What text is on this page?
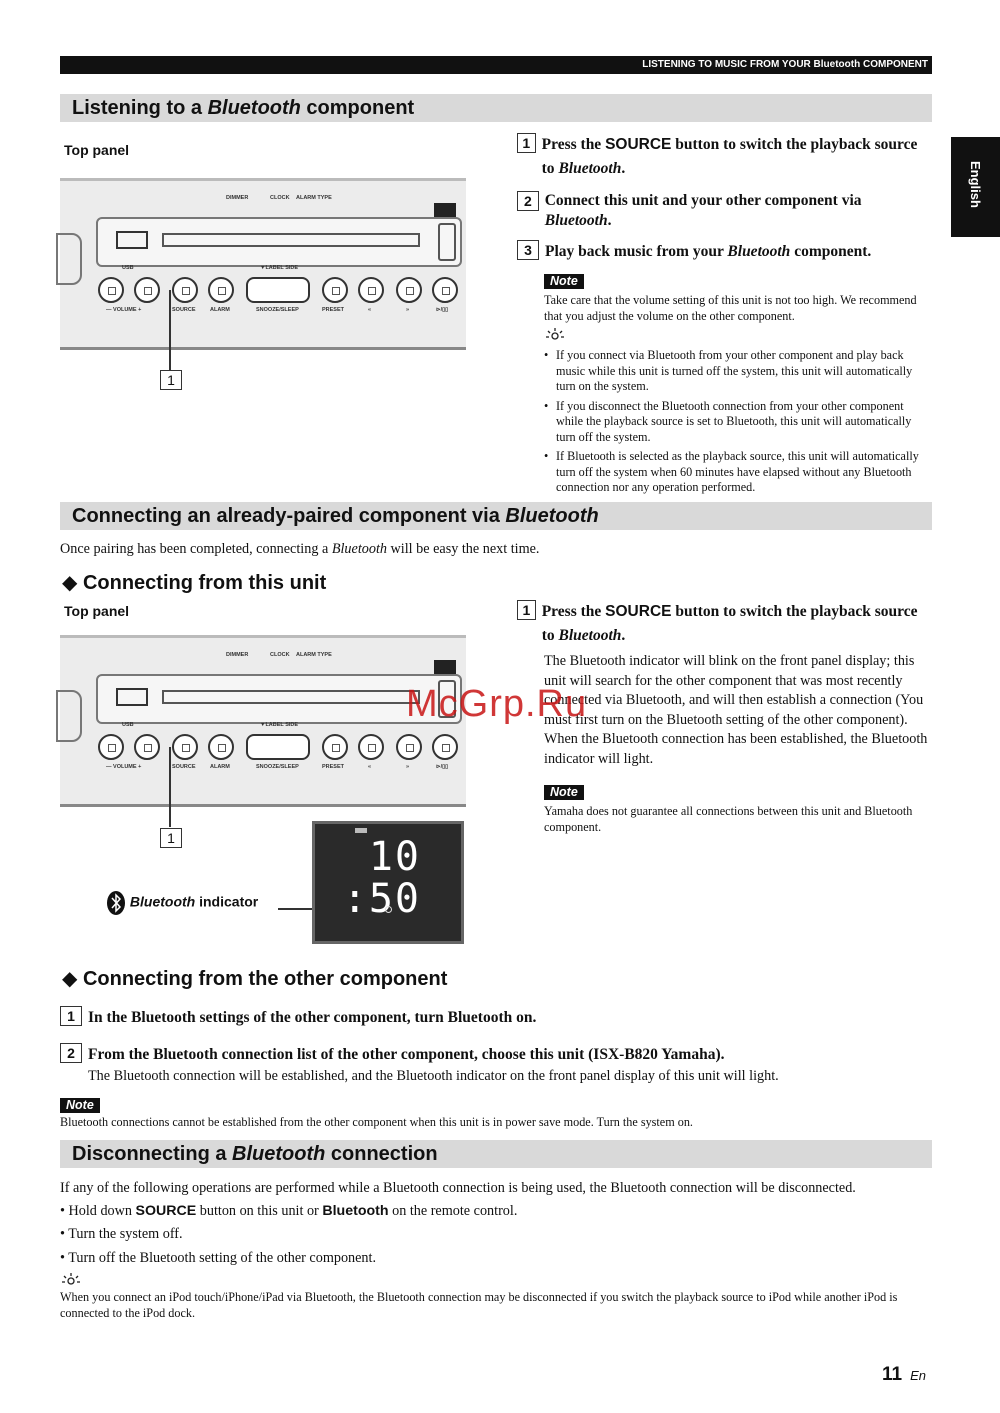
LISTENING TO MUSIC FROM YOUR Bluetooth COMPONENT
English
Listening to a Bluetooth component
Top panel
DIMMER	CLOCK ALARM TYPE
USB	▼LABEL SIDE
— VOLUME +	SOURCE	ALARM	SNOOZE/SLEEP	PRESET	«	»	⊳/▯▯
1
1 Press the SOURCE button to switch the playback source to Bluetooth.
2 Connect this unit and your other component via Bluetooth.
3 Play back music from your Bluetooth component.
Note
Take care that the volume setting of this unit is not too high. We recommend that you adjust the volume on the other component.
• If you connect via Bluetooth from your other component and play back music while this unit is turned off the system, this unit will automatically turn on the system.
• If you disconnect the Bluetooth connection from your other component while the playback source is set to Bluetooth, this unit will automatically turn off the system.
• If Bluetooth is selected as the playback source, this unit will automatically turn off the system when 60 minutes have elapsed without any Bluetooth connection nor any operation performed.
Connecting an already-paired component via Bluetooth
Once pairing has been completed, connecting a Bluetooth will be easy the next time.
◆ Connecting from this unit
Top panel
DIMMER	CLOCK ALARM TYPE
USB	▼LABEL SIDE
— VOLUME +	SOURCE	ALARM	SNOOZE/SLEEP	PRESET	«	»	⊳/▯▯
1
Bluetooth indicator
10
:50
1 Press the SOURCE button to switch the playback source to Bluetooth.
The Bluetooth indicator will blink on the front panel display; this unit will search for the other component that was most recently connected via Bluetooth, and will then establish a connection (You must first turn on the Bluetooth setting of the other component).
When the Bluetooth connection has been established, the Bluetooth indicator will light.
Note
Yamaha does not guarantee all connections between this unit and Bluetooth component.
McGrp.Ru
◆ Connecting from the other component
1 In the Bluetooth settings of the other component, turn Bluetooth on.
2 From the Bluetooth connection list of the other component, choose this unit (ISX-B820 Yamaha).
The Bluetooth connection will be established, and the Bluetooth indicator on the front panel display of this unit will light.
Note
Bluetooth connections cannot be established from the other component when this unit is in power save mode. Turn the system on.
Disconnecting a Bluetooth connection
If any of the following operations are performed while a Bluetooth connection is being used, the Bluetooth connection will be disconnected.
• Hold down SOURCE button on this unit or Bluetooth on the remote control.
• Turn the system off.
• Turn off the Bluetooth setting of the other component.
When you connect an iPod touch/iPhone/iPad via Bluetooth, the Bluetooth connection may be disconnected if you switch the playback source to iPod while another iPod is connected to the iPod dock.
11 En
